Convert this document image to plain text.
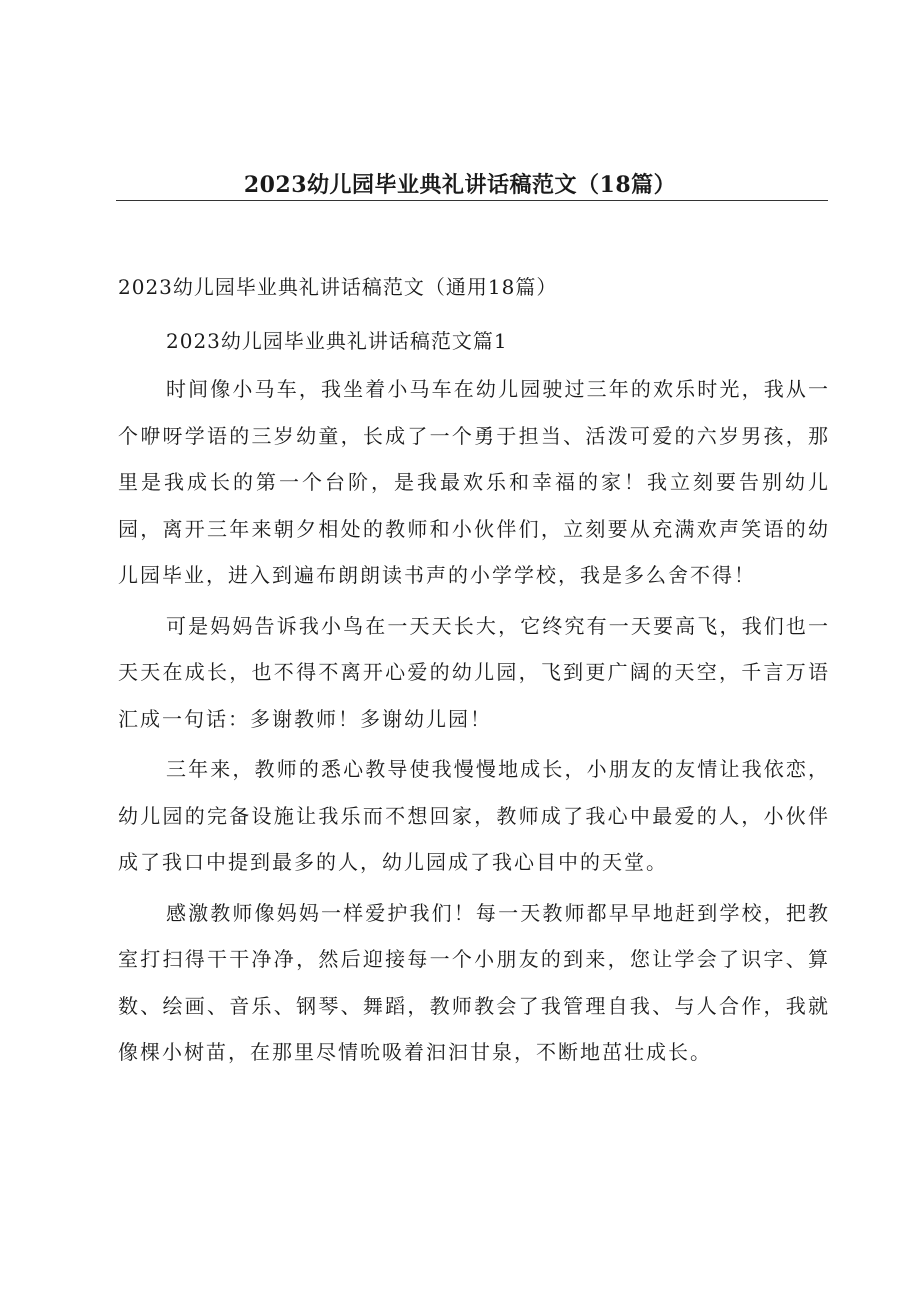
2023幼儿园毕业典礼讲话稿范文（18篇）
2023幼儿园毕业典礼讲话稿范文（通用18篇）
2023幼儿园毕业典礼讲话稿范文篇1

时间像小马车，我坐着小马车在幼儿园驶过三年的欢乐时光，我从一个咿呀学语的三岁幼童，长成了一个勇于担当、活泼可爱的六岁男孩，那里是我成长的第一个台阶，是我最欢乐和幸福的家！我立刻要告别幼儿园，离开三年来朝夕相处的教师和小伙伴们，立刻要从充满欢声笑语的幼儿园毕业，进入到遍布朗朗读书声的小学学校，我是多么舍不得！

可是妈妈告诉我小鸟在一天天长大，它终究有一天要高飞，我们也一天天在成长，也不得不离开心爱的幼儿园，飞到更广阔的天空，千言万语汇成一句话：多谢教师！多谢幼儿园！

三年来，教师的悉心教导使我慢慢地成长，小朋友的友情让我依恋，幼儿园的完备设施让我乐而不想回家，教师成了我心中最爱的人，小伙伴成了我口中提到最多的人，幼儿园成了我心目中的天堂。

感激教师像妈妈一样爱护我们！每一天教师都早早地赶到学校，把教室打扫得干干净净，然后迎接每一个小朋友的到来，您让学会了识字、算数、绘画、音乐、钢琴、舞蹈，教师教会了我管理自我、与人合作，我就像棵小树苗，在那里尽情吮吸着汩汩甘泉，不断地茁壮成长。
